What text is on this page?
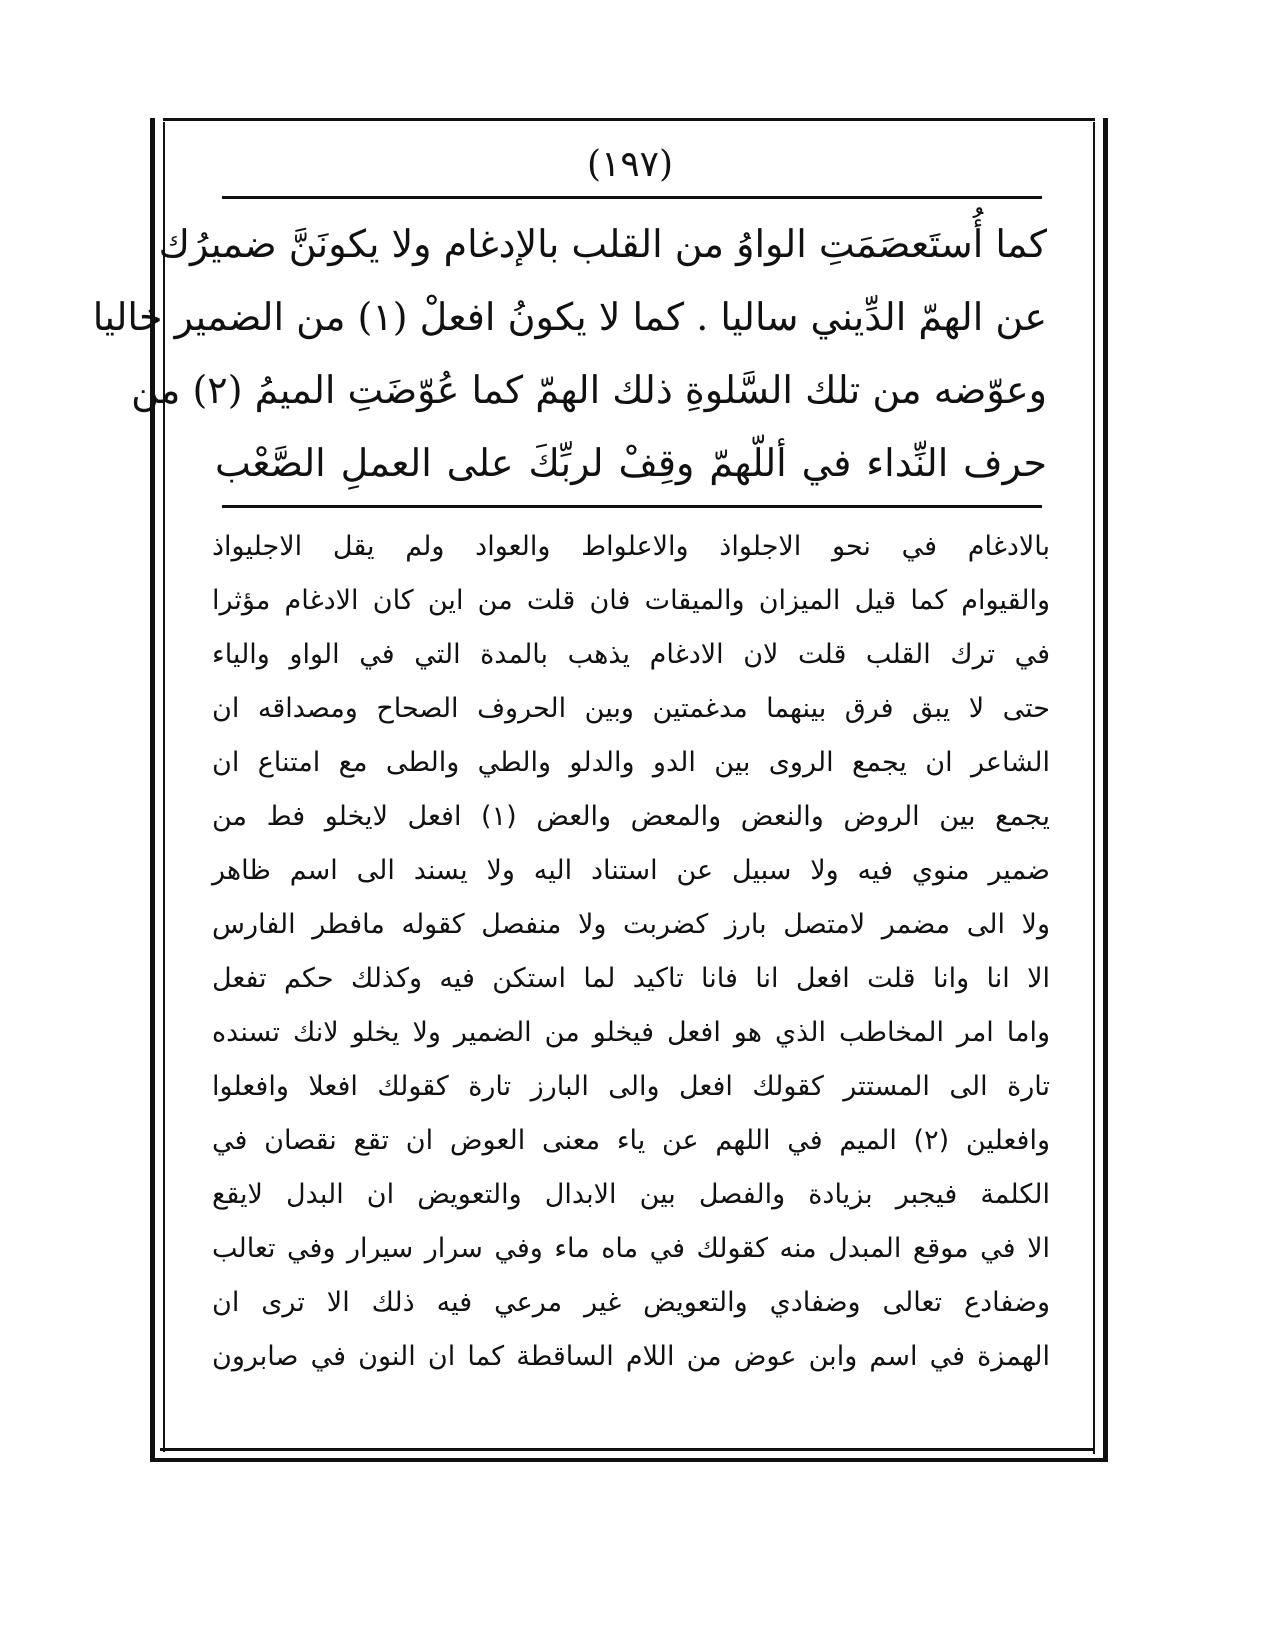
(١٩٧)
كما أُستَعصَمَتِ الواوُ من القلب بالإدغام ولا يكونَنَّ ضميرُك
عن الهمّ الدِّيني ساليا . كما لا يكونُ افعلْ (١) من الضمير خاليا
وعوّضه من تلك السَّلوةِ ذلك الهمّ كما عُوّضَتِ الميمُ (٢) من
حرف النِّداء في أللّهمّ وقِفْ لربِّكَ على العملِ الصَّعْب
بالادغام في نحو الاجلواذ والاعلواط والعواد ولم يقل الاجليواذ
والقيوام كما قيل الميزان والميقات فان قلت من اين كان الادغام مؤثرا
في ترك القلب قلت لان الادغام يذهب بالمدة التي في الواو والياء
حتى لا يبق فرق بينهما مدغمتين وبين الحروف الصحاح ومصداقه ان
الشاعر ان يجمع الروى بين الدو والدلو والطي والطى مع امتناع ان
يجمع بين الروض والنعض والمعض والعض (١) افعل لايخلو فط من
ضمير منوي فيه ولا سبيل عن استناد اليه ولا يسند الى اسم ظاهر
ولا الى مضمر لامتصل بارز كضربت ولا منفصل كقوله مافطر الفارس
الا انا وانا قلت افعل انا فانا تاكيد لما استكن فيه وكذلك حكم تفعل
واما امر المخاطب الذي هو افعل فيخلو من الضمير ولا يخلو لانك تسنده
تارة الى المستتر كقولك افعل والى البارز تارة كقولك افعلا وافعلوا
وافعلين (٢) الميم في اللهم عن ياء معنى العوض ان تقع نقصان في
الكلمة فيجبر بزيادة والفصل بين الابدال والتعويض ان البدل لايقع
الا في موقع المبدل منه كقولك في ماه ماء وفي سرار سيرار وفي تعالب
وضفادع تعالى وضفادي والتعويض غير مرعي فيه ذلك الا ترى ان
الهمزة في اسم وابن عوض من اللام الساقطة كما ان النون في صابرون
